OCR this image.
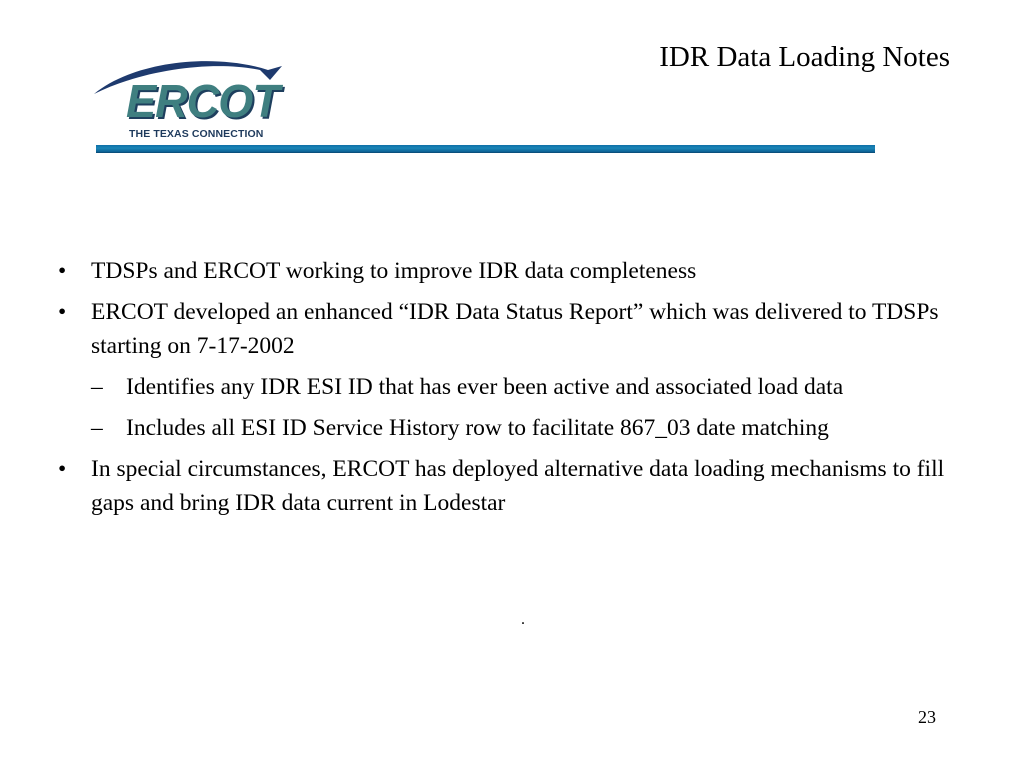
ERCOT
THE TEXAS CONNECTION
IDR Data Loading Notes
• TDSPs and ERCOT working to improve IDR data completeness
• ERCOT developed an enhanced “IDR Data Status Report” which was delivered to TDSPs starting on 7-17-2002
– Identifies any IDR ESI ID that has ever been active and associated load data
– Includes all ESI ID Service History row to facilitate 867_03 date matching
• In special circumstances, ERCOT has deployed alternative data loading mechanisms to fill gaps and bring IDR data current in Lodestar
.
23
